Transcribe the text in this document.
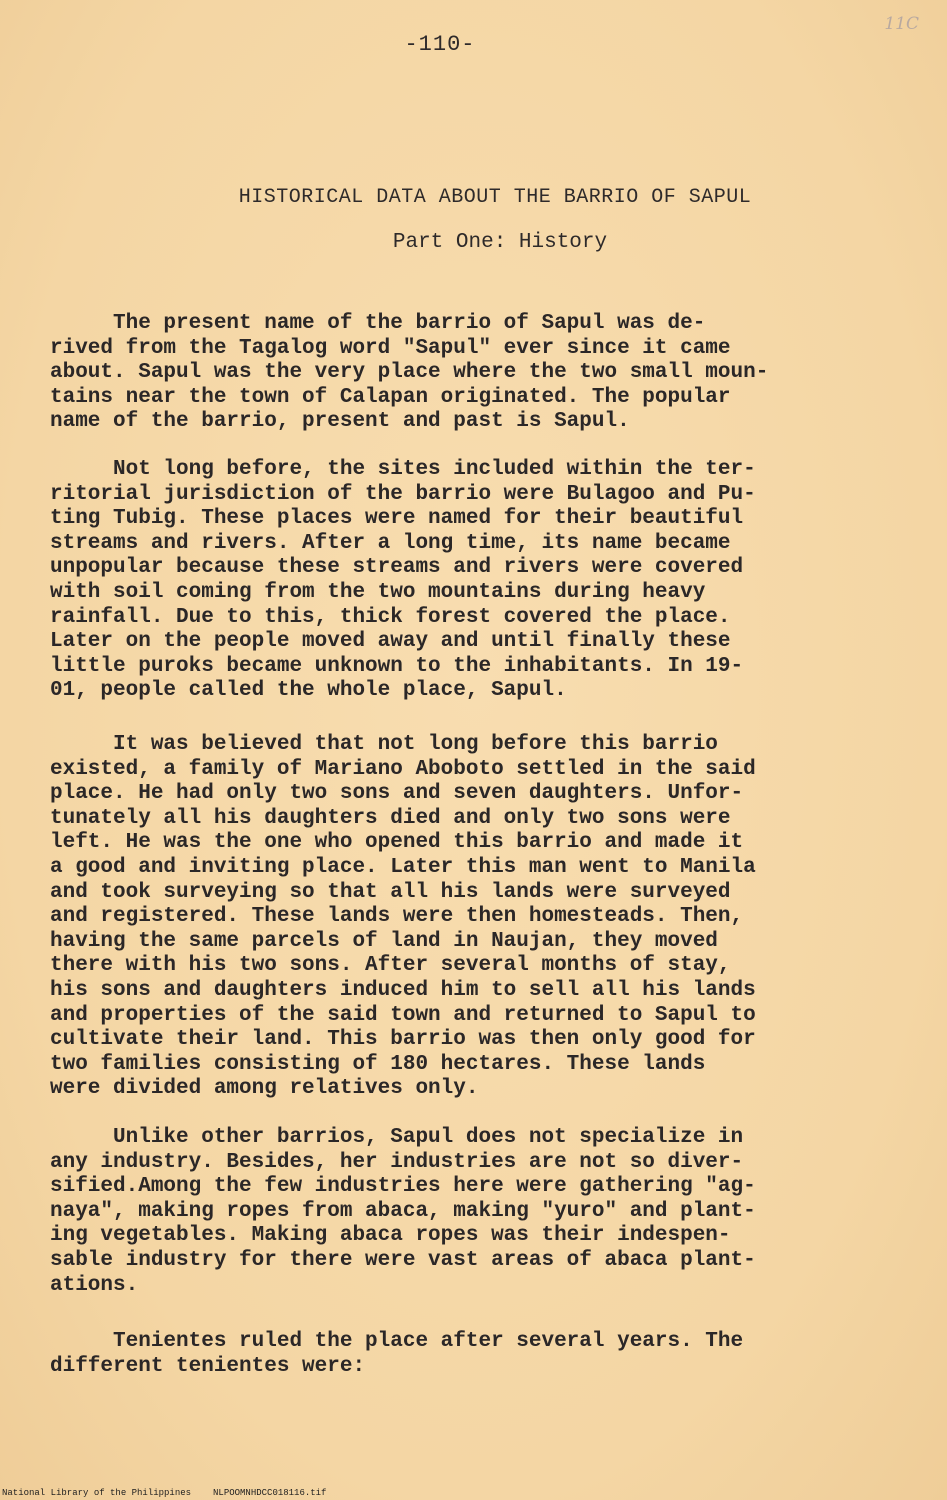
-110-
11C
HISTORICAL DATA ABOUT THE BARRIO OF SAPUL
Part One: History
The present name of the barrio of Sapul was de-
rived from the Tagalog word "Sapul" ever since it came
about. Sapul was the very place where the two small moun-
tains near the town of Calapan originated. The popular
name of the barrio, present and past is Sapul.
Not long before, the sites included within the ter-
ritorial jurisdiction of the barrio were Bulagoo and Pu-
ting Tubig. These places were named for their beautiful
streams and rivers. After a long time, its name became
unpopular because these streams and rivers were covered
with soil coming from the two mountains during heavy
rainfall. Due to this, thick forest covered the place.
Later on the people moved away and until finally these
little puroks became unknown to the inhabitants. In 19-
01, people called the whole place, Sapul.
It was believed that not long before this barrio
existed, a family of Mariano Aboboto settled in the said
place. He had only two sons and seven daughters. Unfor-
tunately all his daughters died and only two sons were
left. He was the one who opened this barrio and made it
a good and inviting place. Later this man went to Manila
and took surveying so that all his lands were surveyed
and registered. These lands were then homesteads. Then,
having the same parcels of land in Naujan, they moved
there with his two sons. After several months of stay,
his sons and daughters induced him to sell all his lands
and properties of the said town and returned to Sapul to
cultivate their land. This barrio was then only good for
two families consisting of 180 hectares. These lands
were divided among relatives only.
Unlike other barrios, Sapul does not specialize in
any industry. Besides, her industries are not so diver-
sified.Among the few industries here were gathering "ag-
naya", making ropes from abaca, making "yuro" and plant-
ing vegetables. Making abaca ropes was their indespen-
sable industry for there were vast areas of abaca plant-
ations.
Tenientes ruled the place after several years. The
different tenientes were:
National Library of the Philippines NLPOOMNHDCC018116.tif
